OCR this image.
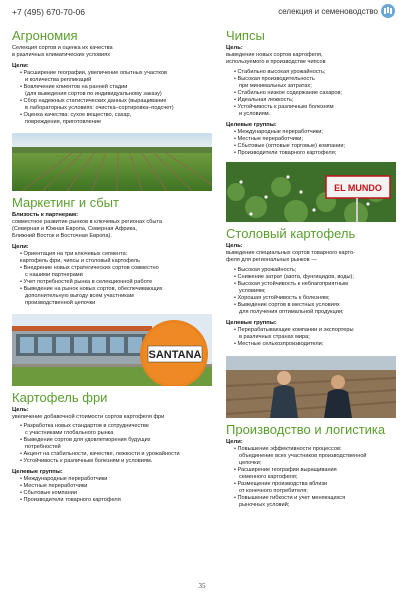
+7 (495) 670-70-06	селекция и семеноводство
Агрономия
Селекция сортов и оценка их качества
в различных климатических условиях
Цели:
• Расширение географии, увеличение опытных участков
и количества репликаций
• Вовлечение клиентов на ранней стадии
(для выведения сортов по индивидуальному заказу)
• Сбор надежных статистических данных (выращивание
в лабораторных условиях: очистка–сортировка–подсчет)
• Оценка качества: сухое вещество, сахар,
повреждения, приготовление
Маркетинг и сбыт
Близость к партнерам:
совместное развитие рынков в ключевых регионах сбыта
(Северная и Южная Европа, Северная Африка,
Ближний Восток и Восточная Европа).
Цели:
• Ориентация на три ключевых сегмента:
картофель фри, чипсы и столовый картофель
• Внедрение новых стратегических сортов совместно
с нашими партнерами
• Учет потребностей рынка в селекционной работе
• Выведение на рынок новых сортов, обеспечивающих
дополнительную выгоду всем участникам
производственной цепочки
SANTANA
Картофель фри
Цель:
увеличение добавочной стоимости сортов картофеля фри
• Разработка новых стандартов в сотрудничестве
с участниками глобального рынка
• Выведение сортов для удовлетворения будущих
потребностей
• Акцент на стабильности, качестве, лежкости и урожайности
• Устойчивость к различным болезням и условиям.
Целевые группы:
• Международные переработчики
• Местные переработчики
• Сбытовые компании
• Производители товарного картофеля
Чипсы
Цель:
выведение новых сортов картофеля,
используемого в производстве чипсов
• Стабильно высокая урожайность;
• Высокая производительность
при минимальных затратах;
• Стабильно низкое содержание сахаров;
• Идеальная лежкость;
• Устойчивость к различным болезням
и условиям.
Целевые группы:
• Международные переработчики;
• Местные переработчики;
• Сбытовые (оптовые торговые) компании;
• Производители товарного картофеля;
EL MUNDO
Столовый картофель
Цель:
выведение специальных сортов товарного карто-
феля для региональных рынков —
• Высокая урожайность;
• Снижение затрат (азота, фунгицидов, воды);
• Высокая устойчивость к неблагоприятным
условиям;
• Хорошая устойчивость к болезням;
• Выведение сортов в местных условиях
для получения оптимальной продукции;
Целевые группы:
• Перерабатывающие компании и экспортеры
в различных странах мира;
• Местные сельхозпроизводители;
Производство и логистика
Цели:
• Повышение эффективности процессов:
объединение всех участников производственной
цепочки;
• Расширение географии выращивания
семенного картофеля;
• Размещение производства вблизи
от конечного потребителя;
• Повышение гибкости и учет меняющихся
рыночных условий;
35
